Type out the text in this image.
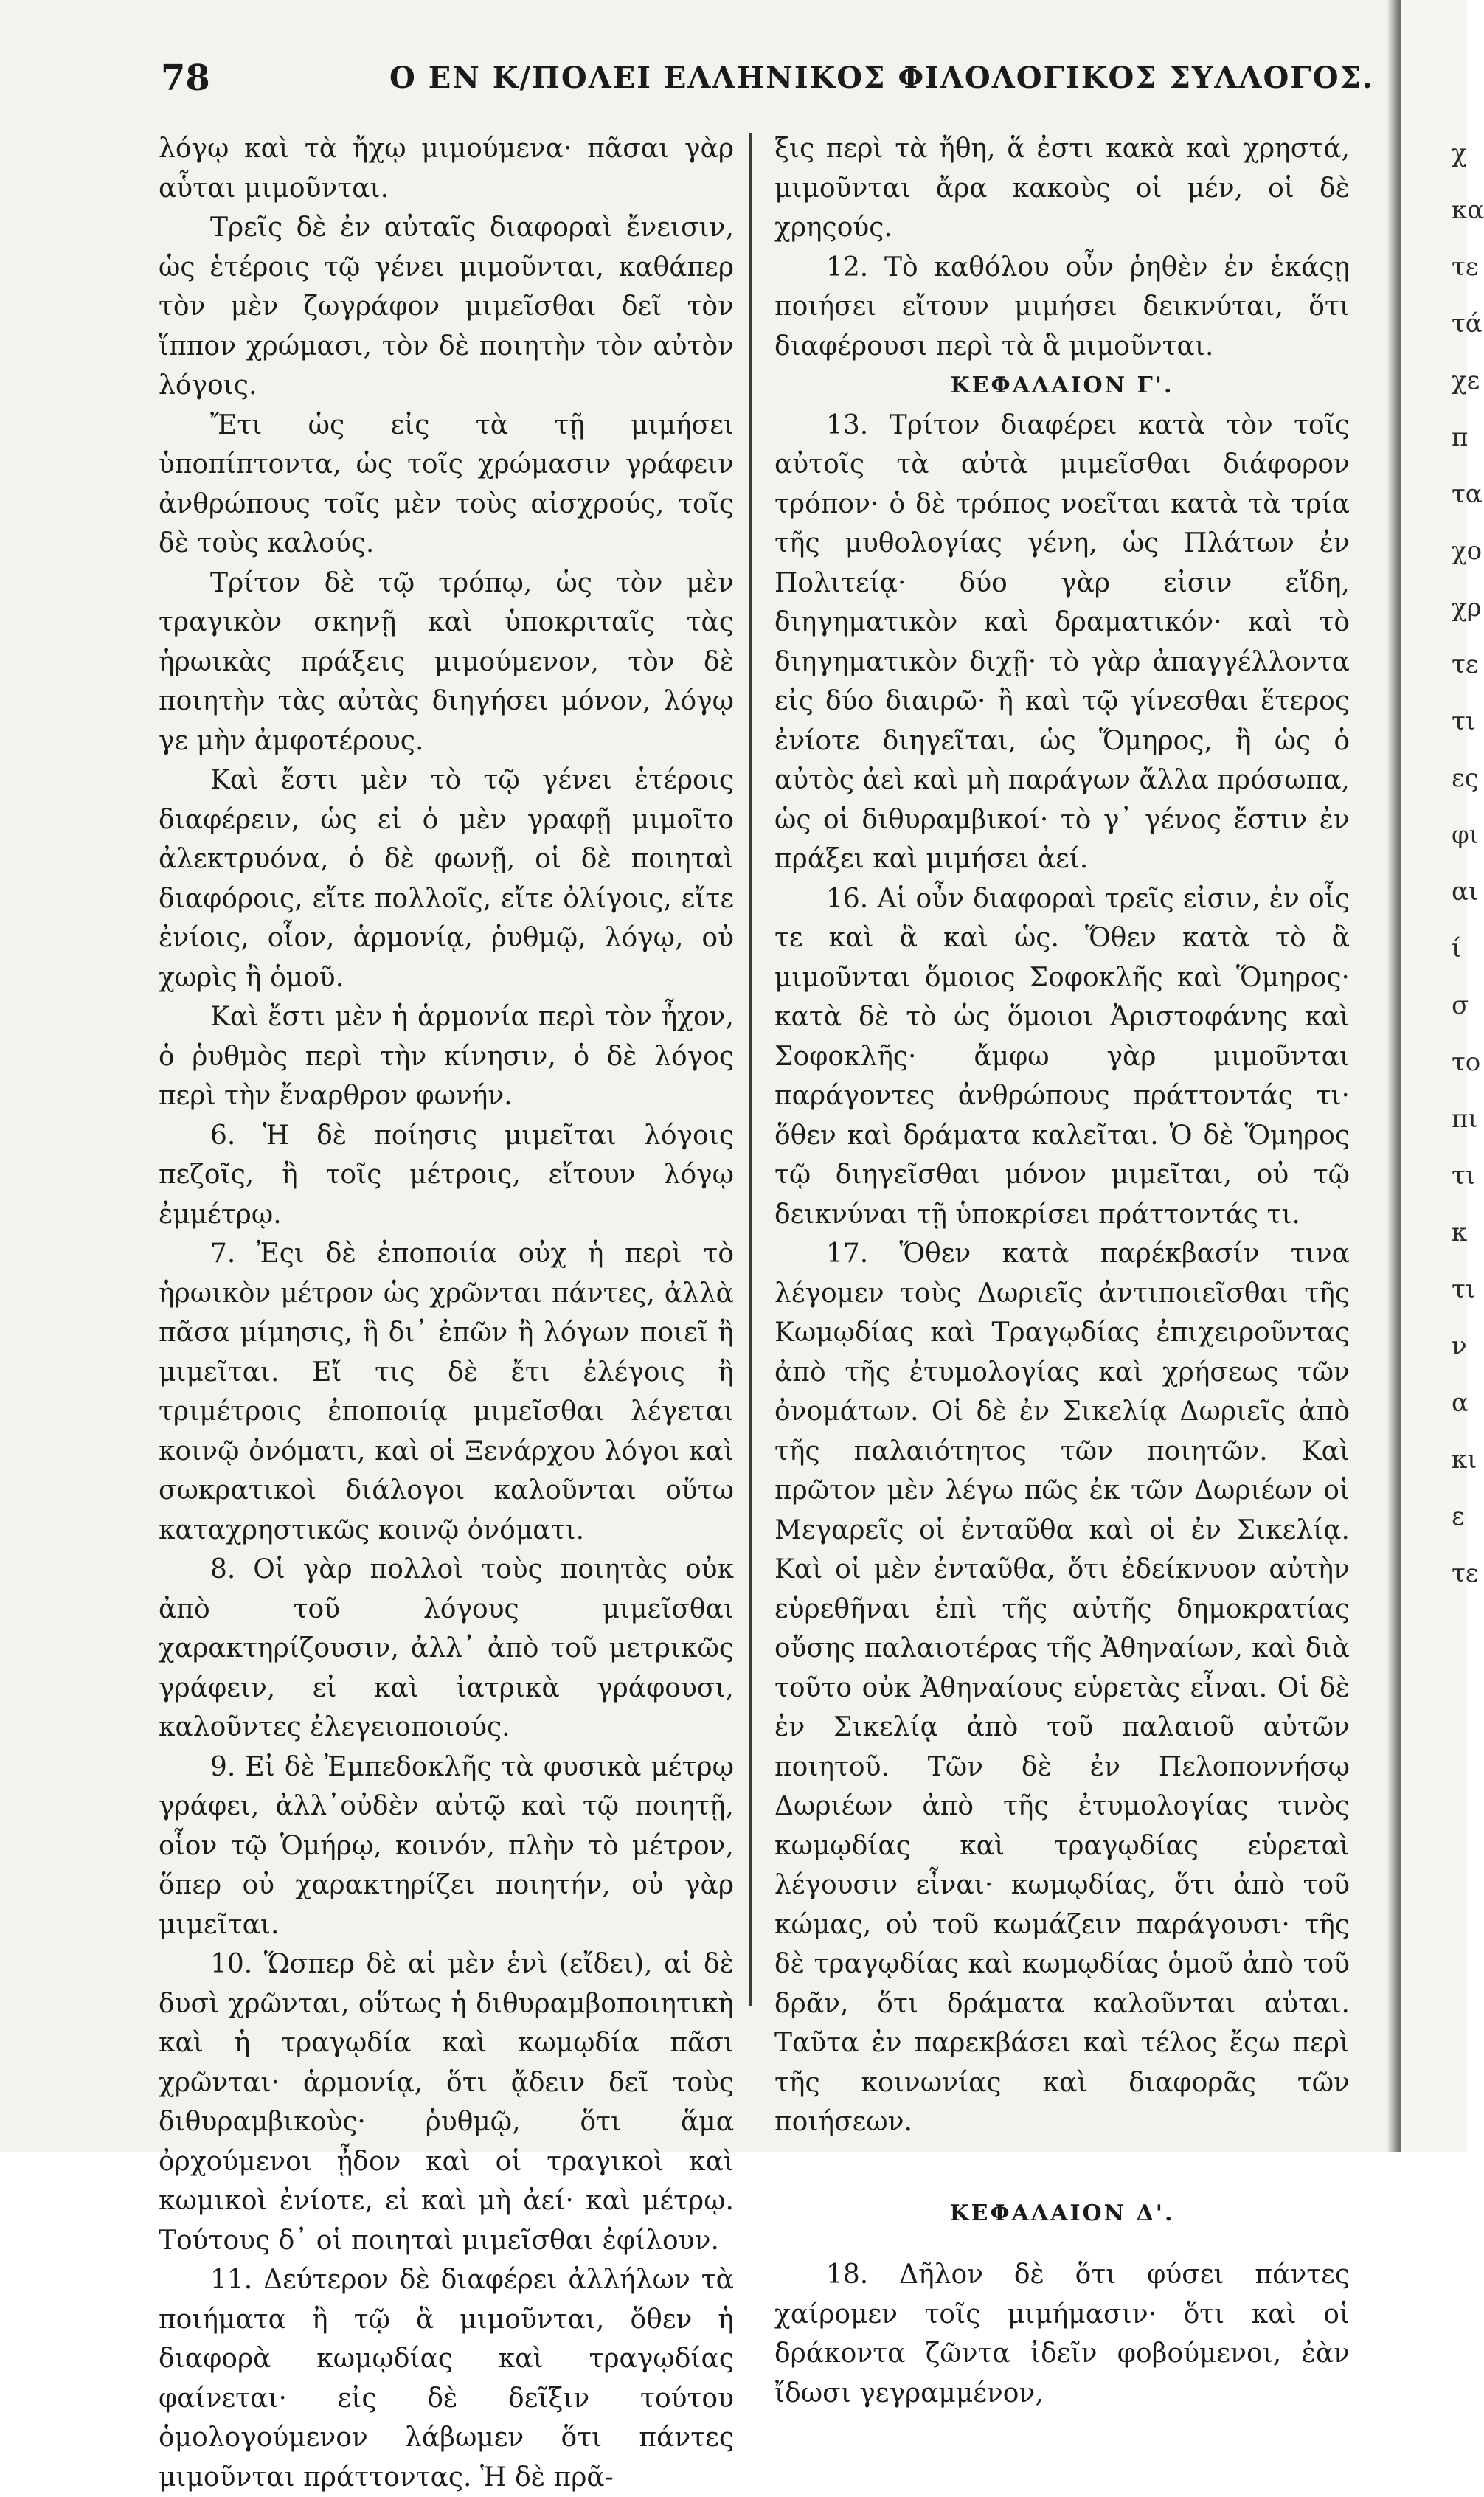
78	Ο ΕΝ Κ/ΠΟΛΕΙ ΕΛΛΗΝΙΚΟΣ ΦΙΛΟΛΟΓΙΚΟΣ ΣΥΛΛΟΓΟΣ.

λόγῳ καὶ τὰ ἤχῳ μιμούμενα· πᾶσαι γὰρ αὗται μιμοῦνται.

Τρεῖς δὲ ἐν αὐταῖς διαφοραὶ ἔνεισιν, ὡς ἑτέροις τῷ γένει μιμοῦνται, καθάπερ τὸν μὲν ζωγράφον μιμεῖσθαι δεῖ τὸν ἵππον χρώμασι, τὸν δὲ ποιητὴν τὸν αὐτὸν λόγοις.

Ἔτι ὡς εἰς τὰ τῇ μιμήσει ὑποπίπτοντα, ὡς τοῖς χρώμασιν γράφειν ἀνθρώπους τοῖς μὲν τοὺς αἰσχρούς, τοῖς δὲ τοὺς καλούς.

Τρίτον δὲ τῷ τρόπῳ, ὡς τὸν μὲν τραγικὸν σκηνῇ καὶ ὑποκριταῖς τὰς ἡρωικὰς πράξεις μιμούμενον, τὸν δὲ ποιητὴν τὰς αὐτὰς διηγήσει μόνον, λόγῳ γε μὴν ἀμφοτέρους.

Καὶ ἔστι μὲν τὸ τῷ γένει ἑτέροις διαφέρειν, ὡς εἰ ὁ μὲν γραφῇ μιμοῖτο ἀλεκτρυόνα, ὁ δὲ φωνῇ, οἱ δὲ ποιηταὶ διαφόροις, εἴτε πολλοῖς, εἴτε ὀλίγοις, εἴτε ἐνίοις, οἷον, ἁρμονίᾳ, ῥυθμῷ, λόγῳ, οὐ χωρὶς ἢ ὁμοῦ.

Καὶ ἔστι μὲν ἡ ἁρμονία περὶ τὸν ἦχον, ὁ ῥυθμὸς περὶ τὴν κίνησιν, ὁ δὲ λόγος περὶ τὴν ἔναρθρον φωνήν.

6. Ἡ δὲ ποίησις μιμεῖται λόγοις πεζοῖς, ἢ τοῖς μέτροις, εἴτουν λόγῳ ἐμμέτρῳ.

7. Ἐςι δὲ ἐποποιία οὐχ ἡ περὶ τὸ ἡρωικὸν μέτρον ὡς χρῶνται πάντες, ἀλλὰ πᾶσα μίμησις, ἣ δι᾽ ἐπῶν ἢ λόγων ποιεῖ ἢ μιμεῖται. Εἴ τις δὲ ἔτι ἐλέγοις ἢ τριμέτροις ἐποποιίᾳ μιμεῖσθαι λέγεται κοινῷ ὀνόματι, καὶ οἱ Ξενάρχου λόγοι καὶ σωκρατικοὶ διάλογοι καλοῦνται οὕτω καταχρηστικῶς κοινῷ ὀνόματι.

8. Οἱ γὰρ πολλοὶ τοὺς ποιητὰς οὐκ ἀπὸ τοῦ λόγους μιμεῖσθαι χαρακτηρίζουσιν, ἀλλ᾽ ἀπὸ τοῦ μετρικῶς γράφειν, εἰ καὶ ἰατρικὰ γράφουσι, καλοῦντες ἐλεγειοποιούς.

9. Εἰ δὲ Ἐμπεδοκλῆς τὰ φυσικὰ μέτρῳ γράφει, ἀλλ᾽οὐδὲν αὐτῷ καὶ τῷ ποιητῇ, οἷον τῷ Ὁμήρῳ, κοινόν, πλὴν τὸ μέτρον, ὅπερ οὐ χαρακτηρίζει ποιητήν, οὐ γὰρ μιμεῖται.

10. Ὥσπερ δὲ αἱ μὲν ἑνὶ (εἴδει), αἱ δὲ δυσὶ χρῶνται, οὕτως ἡ διθυραμβοποιητικὴ καὶ ἡ τραγῳδία καὶ κωμῳδία πᾶσι χρῶνται· ἁρμονίᾳ, ὅτι ᾄδειν δεῖ τοὺς διθυραμβικοὺς· ῥυθμῷ, ὅτι ἅμα ὀρχούμενοι ᾖδον καὶ οἱ τραγικοὶ καὶ κωμικοὶ ἐνίοτε, εἰ καὶ μὴ ἀεί· καὶ μέτρῳ. Τούτους δ᾽ οἱ ποιηταὶ μιμεῖσθαι ἐφίλουν.

11. Δεύτερον δὲ διαφέρει ἀλλήλων τὰ ποιήματα ἢ τῷ ἃ μιμοῦνται, ὅθεν ἡ διαφορὰ κωμῳδίας καὶ τραγῳδίας φαίνεται· εἰς δὲ δεῖξιν τούτου ὁμολογούμενον λάβωμεν ὅτι πάντες μιμοῦνται πράττοντας. Ἡ δὲ πρᾶ-

ξις περὶ τὰ ἤθη, ἅ ἐστι κακὰ καὶ χρηστά, μιμοῦνται ἄρα κακοὺς οἱ μέν, οἱ δὲ χρηςούς.

12. Τὸ καθόλου οὖν ῥηθὲν ἐν ἑκάςῃ ποιήσει εἴτουν μιμήσει δεικνύται, ὅτι διαφέρουσι περὶ τὰ ἃ μιμοῦνται.

ΚΕΦΑΛΑΙΟΝ Γ'.

13. Τρίτον διαφέρει κατὰ τὸν τοῖς αὐτοῖς τὰ αὐτὰ μιμεῖσθαι διάφορον τρόπον· ὁ δὲ τρόπος νοεῖται κατὰ τὰ τρία τῆς μυθολογίας γένη, ὡς Πλάτων ἐν Πολιτείᾳ· δύο γὰρ εἰσιν εἴδη, διηγηματικὸν καὶ δραματικόν· καὶ τὸ διηγηματικὸν διχῇ· τὸ γὰρ ἀπαγγέλλοντα εἰς δύο διαιρῶ· ἢ καὶ τῷ γίνεσθαι ἕτερος ἐνίοτε διηγεῖται, ὡς Ὅμηρος, ἢ ὡς ὁ αὐτὸς ἀεὶ καὶ μὴ παράγων ἄλλα πρόσωπα, ὡς οἱ διθυραμβικοί· τὸ γ᾽ γένος ἔστιν ἐν πράξει καὶ μιμήσει ἀεί.

16. Αἱ οὖν διαφοραὶ τρεῖς εἰσιν, ἐν οἷς τε καὶ ἃ καὶ ὡς. Ὅθεν κατὰ τὸ ἃ μιμοῦνται ὅμοιος Σοφοκλῆς καὶ Ὅμηρος· κατὰ δὲ τὸ ὡς ὅμοιοι Ἀριστοφάνης καὶ Σοφοκλῆς· ἄμφω γὰρ μιμοῦνται παράγοντες ἀνθρώπους πράττοντάς τι· ὅθεν καὶ δράματα καλεῖται. Ὁ δὲ Ὅμηρος τῷ διηγεῖσθαι μόνον μιμεῖται, οὐ τῷ δεικνύναι τῇ ὑποκρίσει πράττοντάς τι.

17. Ὅθεν κατὰ παρέκβασίν τινα λέγομεν τοὺς Δωριεῖς ἀντιποιεῖσθαι τῆς Κωμῳδίας καὶ Τραγῳδίας ἐπιχειροῦντας ἀπὸ τῆς ἐτυμολογίας καὶ χρήσεως τῶν ὀνομάτων. Οἱ δὲ ἐν Σικελίᾳ Δωριεῖς ἀπὸ τῆς παλαιότητος τῶν ποιητῶν. Καὶ πρῶτον μὲν λέγω πῶς ἐκ τῶν Δωριέων οἱ Μεγαρεῖς οἱ ἐνταῦθα καὶ οἱ ἐν Σικελίᾳ. Καὶ οἱ μὲν ἐνταῦθα, ὅτι ἐδείκνυον αὐτὴν εὑρεθῆναι ἐπὶ τῆς αὐτῆς δημοκρατίας οὔσης παλαιοτέρας τῆς Ἀθηναίων, καὶ διὰ τοῦτο οὐκ Ἀθηναίους εὑρετὰς εἶναι. Οἱ δὲ ἐν Σικελίᾳ ἀπὸ τοῦ παλαιοῦ αὐτῶν ποιητοῦ. Τῶν δὲ ἐν Πελοποννήσῳ Δωριέων ἀπὸ τῆς ἐτυμολογίας τινὸς κωμῳδίας καὶ τραγῳδίας εὑρεταὶ λέγουσιν εἶναι· κωμῳδίας, ὅτι ἀπὸ τοῦ κώμας, οὐ τοῦ κωμάζειν παράγουσι· τῆς δὲ τραγῳδίας καὶ κωμῳδίας ὁμοῦ ἀπὸ τοῦ δρᾶν, ὅτι δράματα καλοῦνται αὐται. Ταῦτα ἐν παρεκβάσει καὶ τέλος ἔςω περὶ τῆς κοινωνίας καὶ διαφορᾶς τῶν ποιήσεων.

ΚΕΦΑΛΑΙΟΝ Δ'.

18. Δῆλον δὲ ὅτι φύσει πάντες χαίρομεν τοῖς μιμήμασιν· ὅτι καὶ οἱ δράκοντα ζῶντα ἰδεῖν φοβούμενοι, ἐὰν ἴδωσι γεγραμμένον,

χ
κα
τε
τά
χε
π
τα
χο
χρ
τε
τι
ες
φι
αι
ί
σ
το
πι
τι
κ
τι
ν
α
κι
ε
τε
